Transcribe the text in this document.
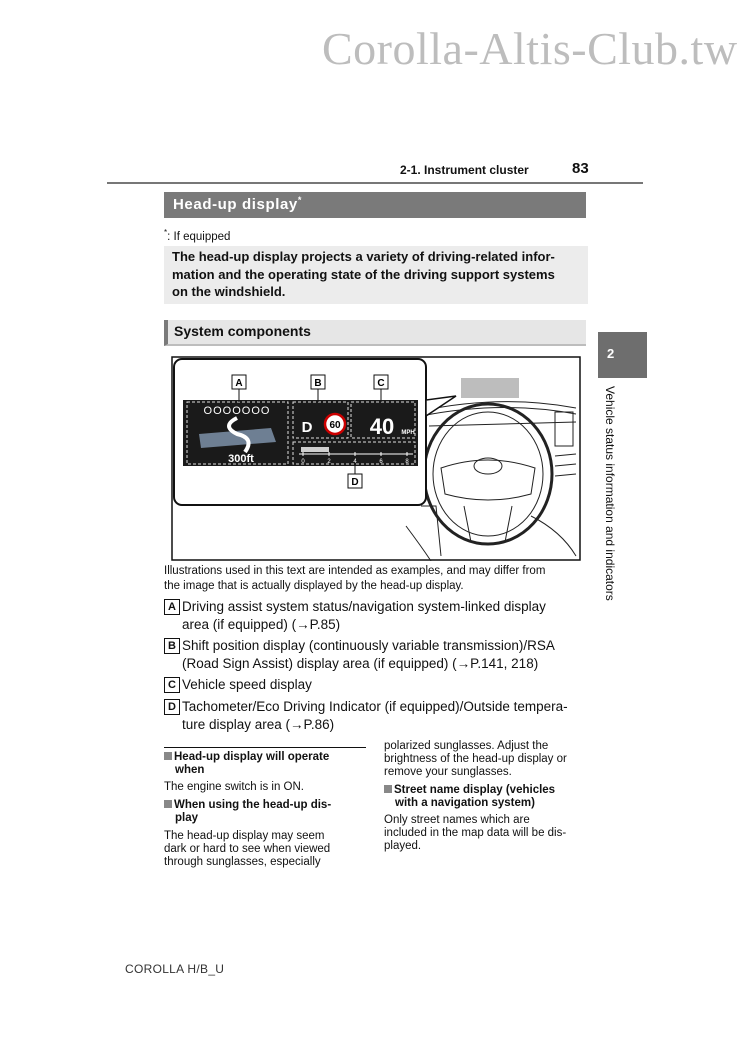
Corolla-Altis-Club.tw
2-1. Instrument cluster	83
Head-up display*
*: If equipped
The head-up display projects a variety of driving-related infor-
mation and the operating state of the driving support systems
on the windshield.
System components
2
Vehicle status information and indicators
OOOOOOO
300ft
D 60 40 MPH
0	2	4	6	8
A	B	C
D
Illustrations used in this text are intended as examples, and may differ from
the image that is actually displayed by the head-up display.
A Driving assist system status/navigation system-linked display
area (if equipped) (→P.85)
B Shift position display (continuously variable transmission)/RSA
(Road Sign Assist) display area (if equipped) (→P.141, 218)
C Vehicle speed display
D Tachometer/Eco Driving Indicator (if equipped)/Outside tempera-
ture display area (→P.86)
Head-up display will operate
when
The engine switch is in ON.
When using the head-up dis-
play
The head-up display may seem
dark or hard to see when viewed
through sunglasses, especially
polarized sunglasses. Adjust the
brightness of the head-up display or
remove your sunglasses.
Street name display (vehicles
with a navigation system)
Only street names which are
included in the map data will be dis-
played.
COROLLA H/B_U
